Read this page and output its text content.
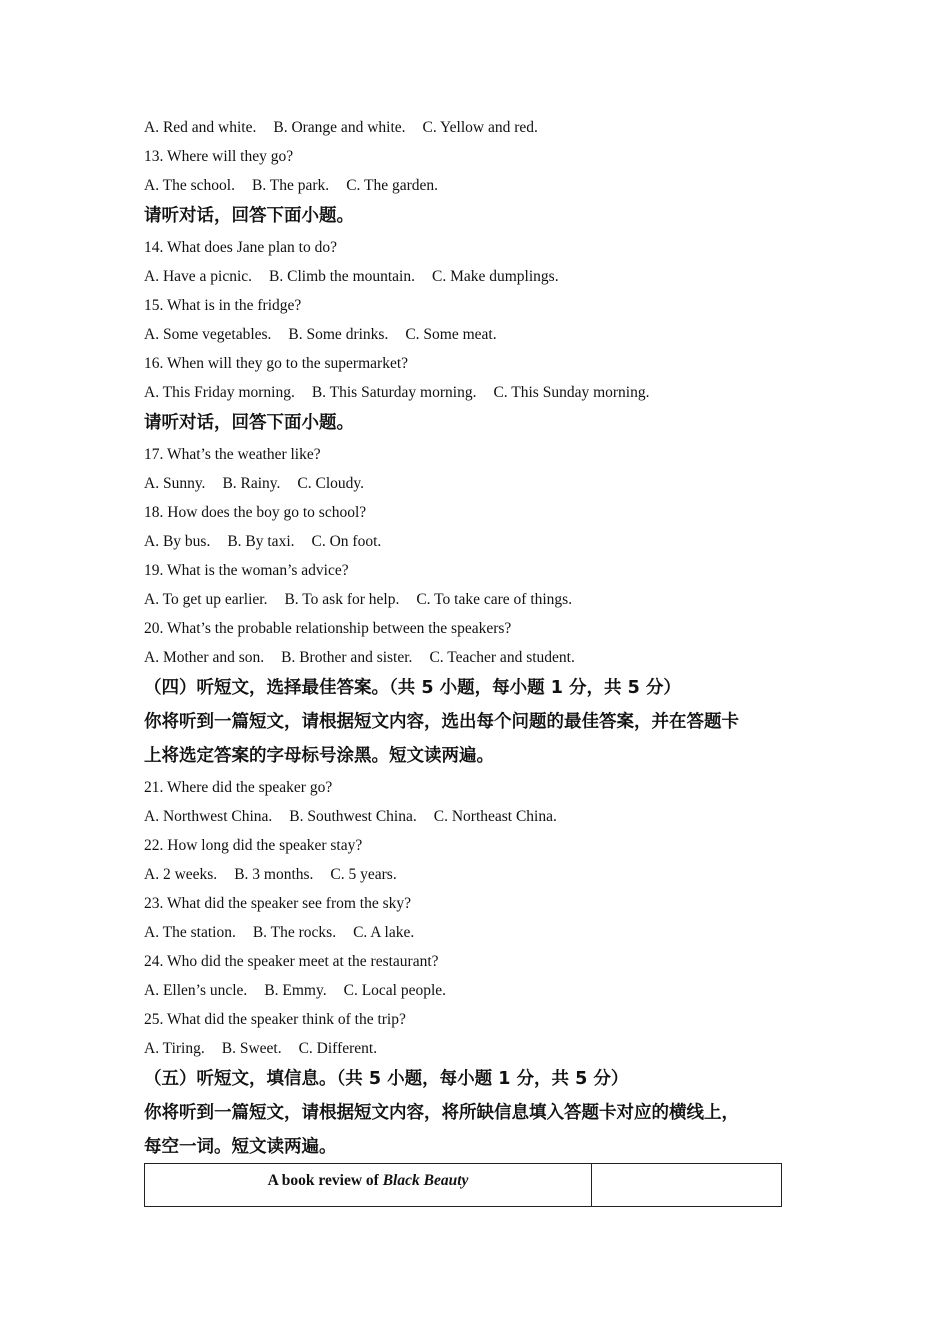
A. Red and white. B. Orange and white. C. Yellow and red.
13. Where will they go?
A. The school. B. The park. C. The garden.
请听对话，回答下面小题。
14. What does Jane plan to do?
A. Have a picnic. B. Climb the mountain. C. Make dumplings.
15. What is in the fridge?
A. Some vegetables. B. Some drinks. C. Some meat.
16. When will they go to the supermarket?
A. This Friday morning. B. This Saturday morning. C. This Sunday morning.
请听对话，回答下面小题。
17. What’s the weather like?
A. Sunny. B. Rainy. C. Cloudy.
18. How does the boy go to school?
A. By bus. B. By taxi. C. On foot.
19. What is the woman’s advice?
A. To get up earlier. B. To ask for help. C. To take care of things.
20. What’s the probable relationship between the speakers?
A. Mother and son. B. Brother and sister. C. Teacher and student.
（四）听短文，选择最佳答案。（共 5 小题，每小题 1 分，共 5 分）
你将听到一篇短文，请根据短文内容，选出每个问题的最佳答案，并在答题卡
上将选定答案的字母标号涂黑。短文读两遍。
21. Where did the speaker go?
A. Northwest China. B. Southwest China. C. Northeast China.
22. How long did the speaker stay?
A. 2 weeks. B. 3 months. C. 5 years.
23. What did the speaker see from the sky?
A. The station. B. The rocks. C. A lake.
24. Who did the speaker meet at the restaurant?
A. Ellen’s uncle. B. Emmy. C. Local people.
25. What did the speaker think of the trip?
A. Tiring. B. Sweet. C. Different.
（五）听短文，填信息。（共 5 小题，每小题 1 分，共 5 分）
你将听到一篇短文，请根据短文内容，将所缺信息填入答题卡对应的横线上，
每空一词。短文读两遍。
A book review of Black Beauty
